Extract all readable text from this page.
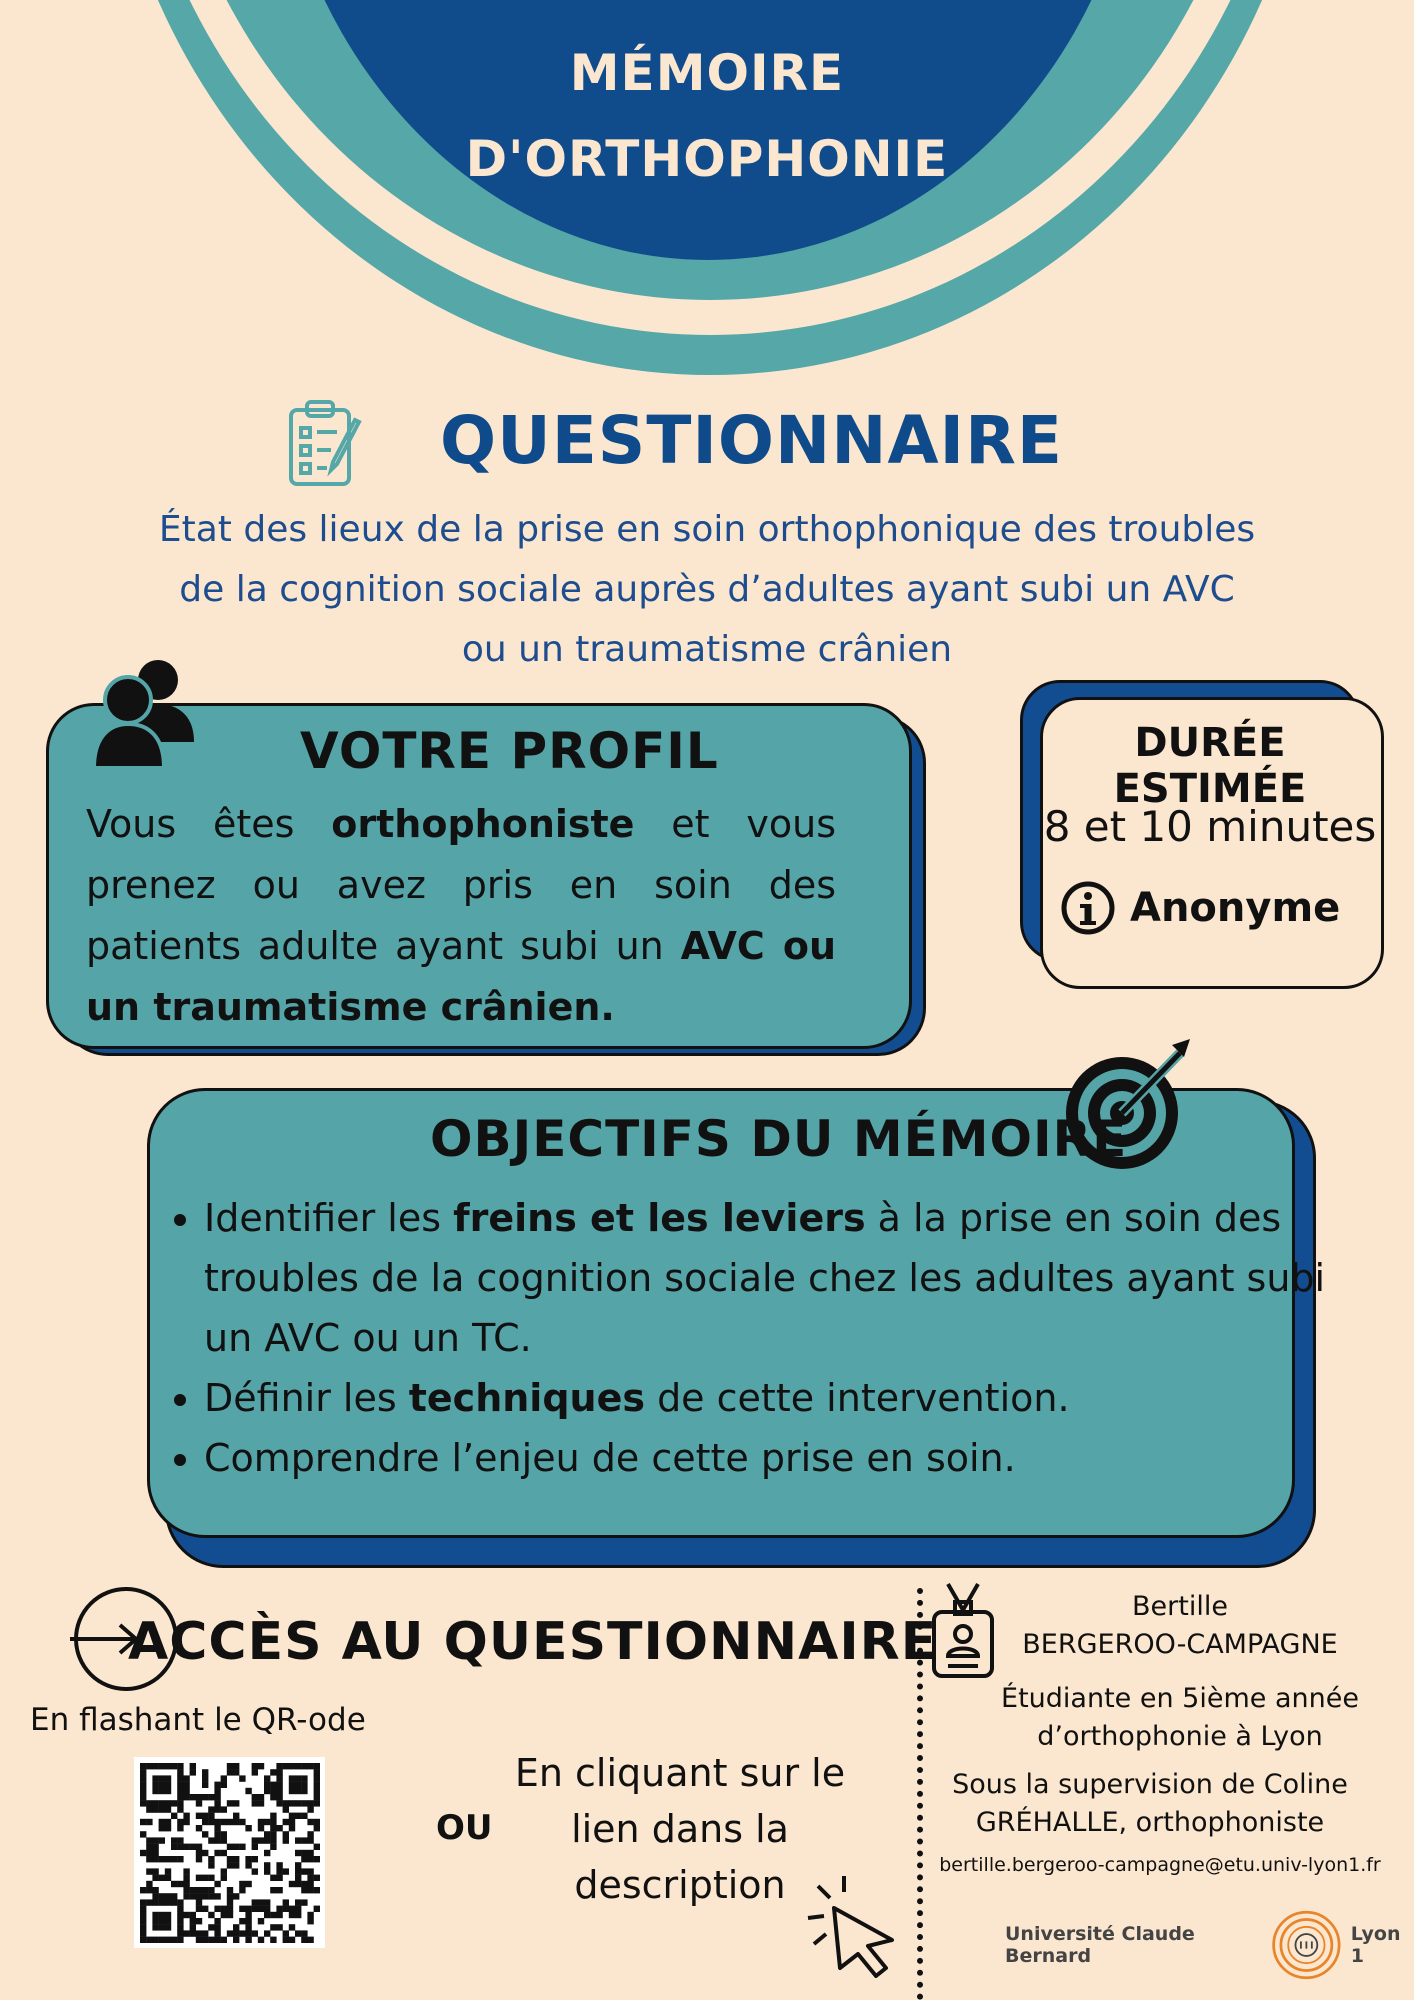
MÉMOIRE
D'ORTHOPHONIE
QUESTIONNAIRE
État des lieux de la prise en soin orthophonique des troubles
de la cognition sociale auprès d’adultes ayant subi un AVC
ou un traumatisme crânien
VOTRE PROFIL
Vous êtes orthophoniste et vous prenez ou avez pris en soin des patients adulte ayant subi un AVC ou un traumatisme crânien.
DURÉE ESTIMÉE
8 et 10 minutes
Anonyme
OBJECTIFS DU MÉMOIRE
• Identifier les freins et les leviers à la prise en soin des troubles de la cognition sociale chez les adultes ayant subi un AVC ou un TC.
• Définir les techniques de cette intervention.
• Comprendre l’enjeu de cette prise en soin.
ACCÈS AU QUESTIONNAIRE
En flashant le QR-ode
OU
En cliquant sur le
lien dans la
description
Bertille
BERGEROO-CAMPAGNE
Étudiante en 5ième année
d’orthophonie à Lyon
Sous la supervision de Coline
GRÉHALLE, orthophoniste
bertille.bergeroo-campagne@etu.univ-lyon1.fr
Université Claude Bernard
Lyon 1
